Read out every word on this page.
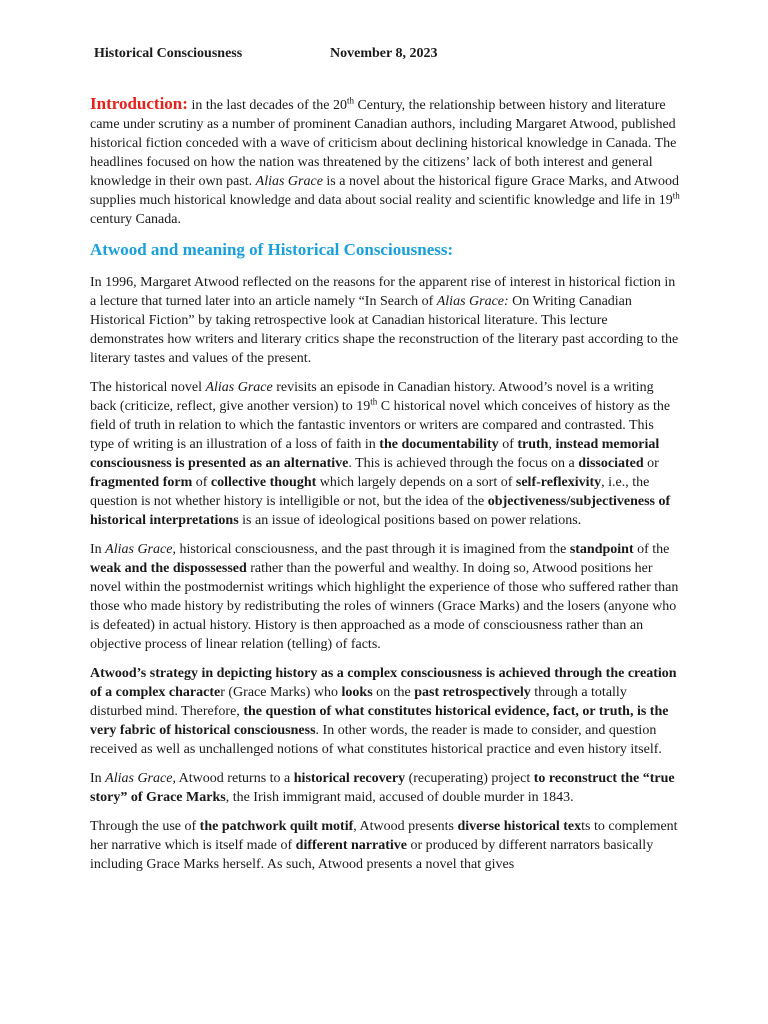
Historical Consciousness	November 8, 2023

Introduction: in the last decades of the 20th Century, the relationship between history and literature came under scrutiny as a number of prominent Canadian authors, including Margaret Atwood, published historical fiction conceded with a wave of criticism about declining historical knowledge in Canada. The headlines focused on how the nation was threatened by the citizens’ lack of both interest and general knowledge in their own past. Alias Grace is a novel about the historical figure Grace Marks, and Atwood supplies much historical knowledge and data about social reality and scientific knowledge and life in 19th century Canada.

Atwood and meaning of Historical Consciousness:

In 1996, Margaret Atwood reflected on the reasons for the apparent rise of interest in historical fiction in a lecture that turned later into an article namely “In Search of Alias Grace: On Writing Canadian Historical Fiction” by taking retrospective look at Canadian historical literature. This lecture demonstrates how writers and literary critics shape the reconstruction of the literary past according to the literary tastes and values of the present.

The historical novel Alias Grace revisits an episode in Canadian history. Atwood’s novel is a writing back (criticize, reflect, give another version) to 19th C historical novel which conceives of history as the field of truth in relation to which the fantastic inventors or writers are compared and contrasted. This type of writing is an illustration of a loss of faith in the documentability of truth, instead memorial consciousness is presented as an alternative. This is achieved through the focus on a dissociated or fragmented form of collective thought which largely depends on a sort of self-reflexivity, i.e., the question is not whether history is intelligible or not, but the idea of the objectiveness/subjectiveness of historical interpretations is an issue of ideological positions based on power relations.

In Alias Grace, historical consciousness, and the past through it is imagined from the standpoint of the weak and the dispossessed rather than the powerful and wealthy. In doing so, Atwood positions her novel within the postmodernist writings which highlight the experience of those who suffered rather than those who made history by redistributing the roles of winners (Grace Marks) and the losers (anyone who is defeated) in actual history. History is then approached as a mode of consciousness rather than an objective process of linear relation (telling) of facts.

Atwood’s strategy in depicting history as a complex consciousness is achieved through the creation of a complex character (Grace Marks) who looks on the past retrospectively through a totally disturbed mind. Therefore, the question of what constitutes historical evidence, fact, or truth, is the very fabric of historical consciousness. In other words, the reader is made to consider, and question received as well as unchallenged notions of what constitutes historical practice and even history itself.

In Alias Grace, Atwood returns to a historical recovery (recuperating) project to reconstruct the “true story” of Grace Marks, the Irish immigrant maid, accused of double murder in 1843.

Through the use of the patchwork quilt motif, Atwood presents diverse historical texts to complement her narrative which is itself made of different narrative or produced by different narrators basically including Grace Marks herself. As such, Atwood presents a novel that gives
